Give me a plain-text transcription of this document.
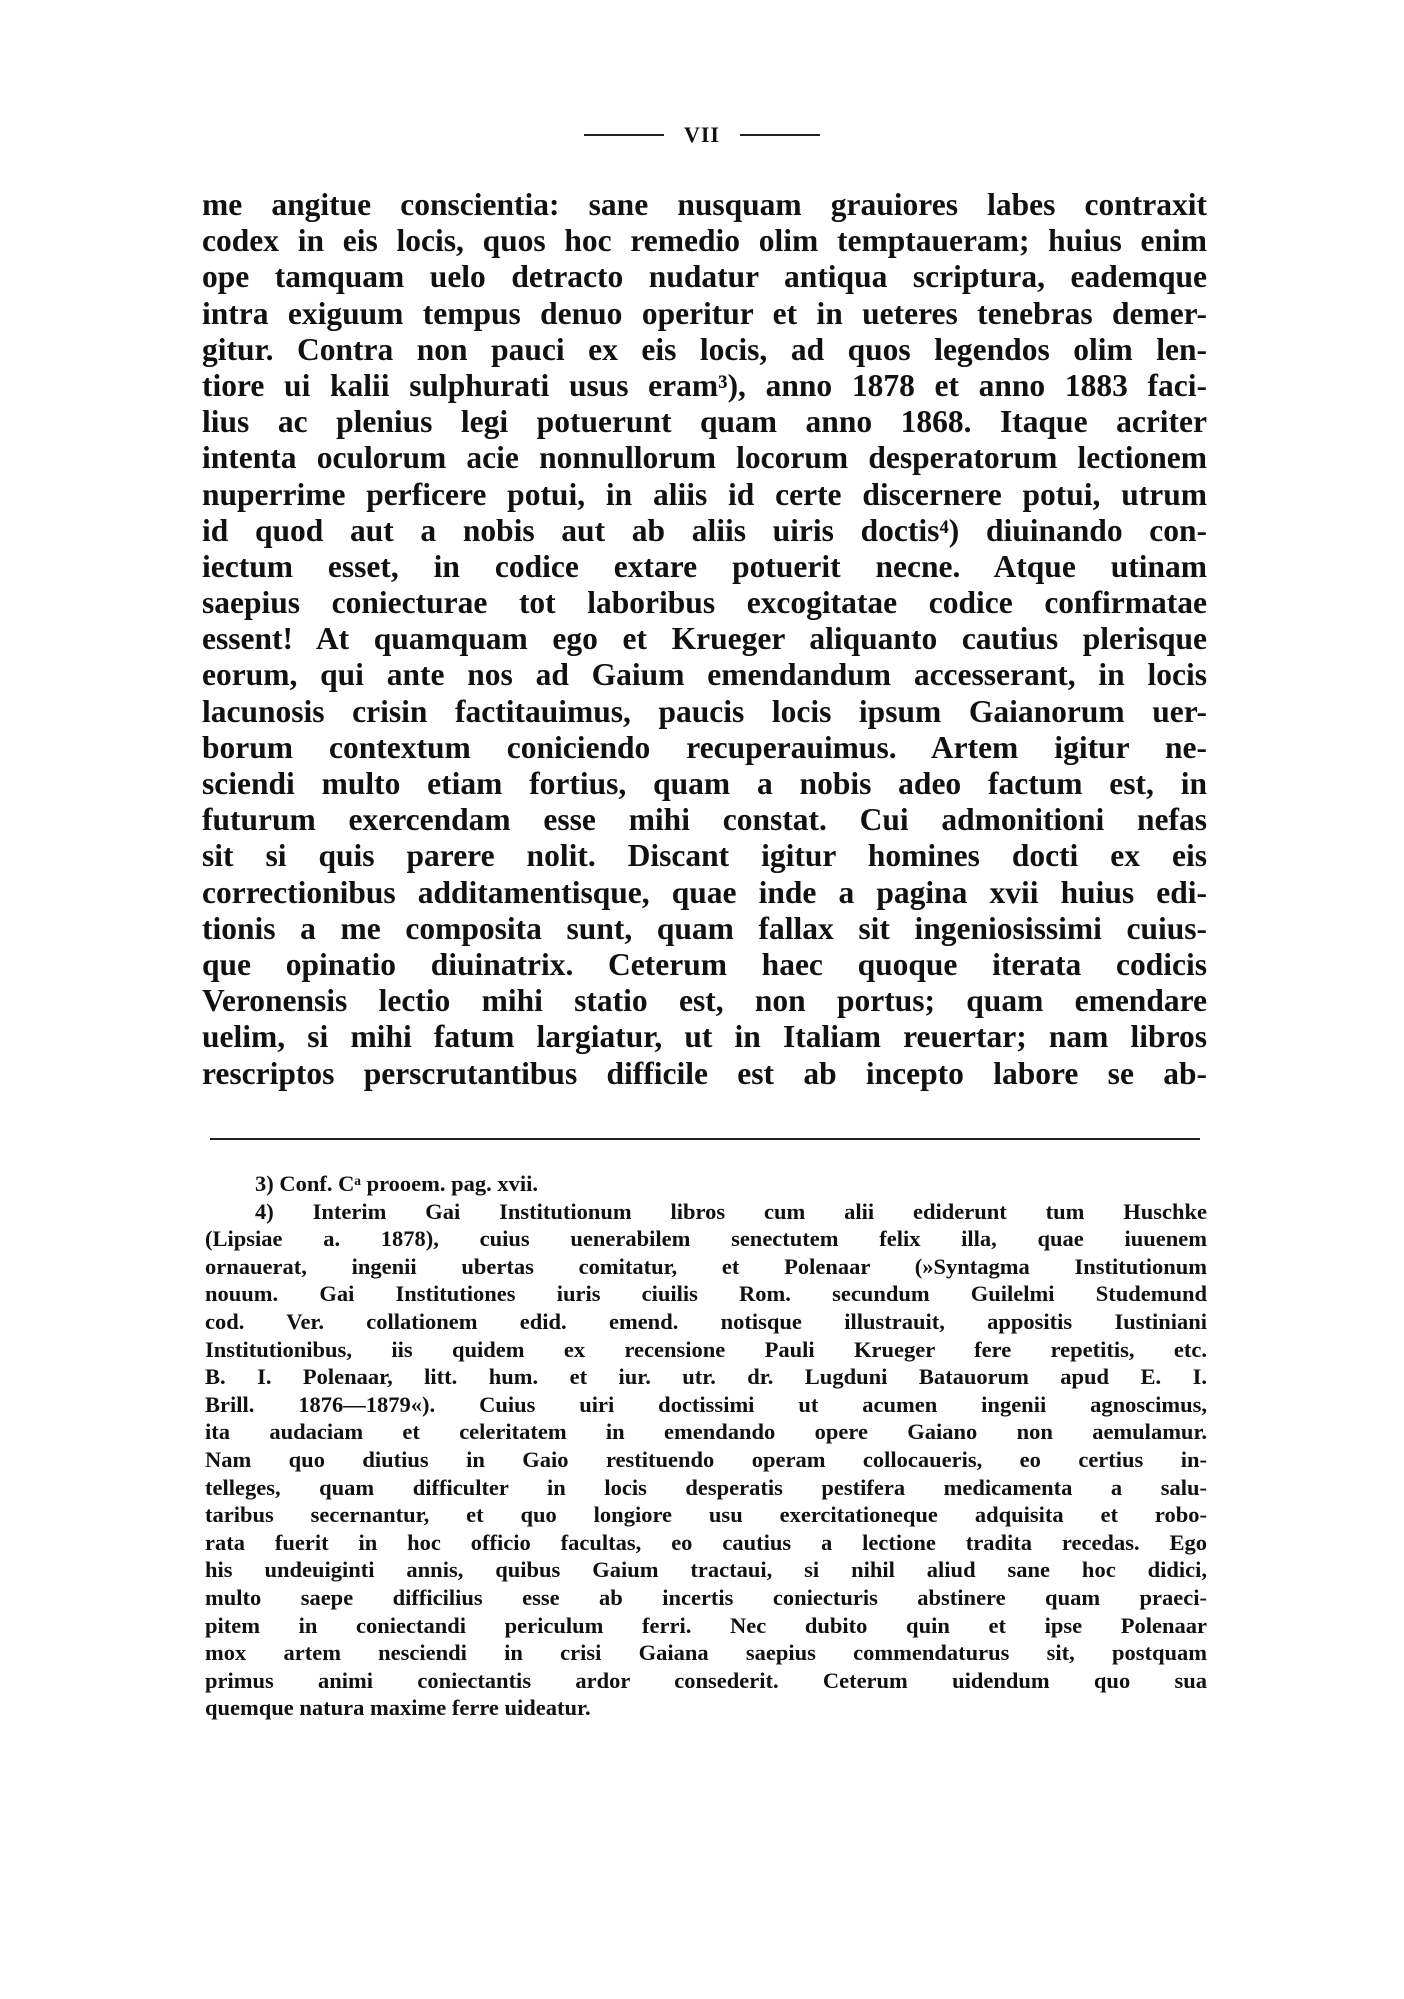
VII
me angitue conscientia: sane nusquam grauiores labes contraxit
codex in eis locis, quos hoc remedio olim temptaueram; huius enim
ope tamquam uelo detracto nudatur antiqua scriptura, eademque
intra exiguum tempus denuo operitur et in ueteres tenebras demer-
gitur. Contra non pauci ex eis locis, ad quos legendos olim len-
tiore ui kalii sulphurati usus eram³), anno 1878 et anno 1883 faci-
lius ac plenius legi potuerunt quam anno 1868. Itaque acriter
intenta oculorum acie nonnullorum locorum desperatorum lectionem
nuperrime perficere potui, in aliis id certe discernere potui, utrum
id quod aut a nobis aut ab aliis uiris doctis⁴) diuinando con-
iectum esset, in codice extare potuerit necne. Atque utinam
saepius coniecturae tot laboribus excogitatae codice confirmatae
essent! At quamquam ego et Krueger aliquanto cautius plerisque
eorum, qui ante nos ad Gaium emendandum accesserant, in locis
lacunosis crisin factitauimus, paucis locis ipsum Gaianorum uer-
borum contextum coniciendo recuperauimus. Artem igitur ne-
sciendi multo etiam fortius, quam a nobis adeo factum est, in
futurum exercendam esse mihi constat. Cui admonitioni nefas
sit si quis parere nolit. Discant igitur homines docti ex eis
correctionibus additamentisque, quae inde a pagina xvii huius edi-
tionis a me composita sunt, quam fallax sit ingeniosissimi cuius-
que opinatio diuinatrix. Ceterum haec quoque iterata codicis
Veronensis lectio mihi statio est, non portus; quam emendare
uelim, si mihi fatum largiatur, ut in Italiam reuertar; nam libros
rescriptos perscrutantibus difficile est ab incepto labore se ab-
3) Conf. Cᵃ prooem. pag. xvii.
4) Interim Gai Institutionum libros cum alii ediderunt tum Huschke
(Lipsiae a. 1878), cuius uenerabilem senectutem felix illa, quae iuuenem
ornauerat, ingenii ubertas comitatur, et Polenaar (»Syntagma Institutionum
nouum. Gai Institutiones iuris ciuilis Rom. secundum Guilelmi Studemund
cod. Ver. collationem edid. emend. notisque illustrauit, appositis Iustiniani
Institutionibus, iis quidem ex recensione Pauli Krueger fere repetitis, etc.
B. I. Polenaar, litt. hum. et iur. utr. dr. Lugduni Batauorum apud E. I.
Brill. 1876—1879«). Cuius uiri doctissimi ut acumen ingenii agnoscimus,
ita audaciam et celeritatem in emendando opere Gaiano non aemulamur.
Nam quo diutius in Gaio restituendo operam collocaueris, eo certius in-
telleges, quam difficulter in locis desperatis pestifera medicamenta a salu-
taribus secernantur, et quo longiore usu exercitationeque adquisita et robo-
rata fuerit in hoc officio facultas, eo cautius a lectione tradita recedas. Ego
his undeuiginti annis, quibus Gaium tractaui, si nihil aliud sane hoc didici,
multo saepe difficilius esse ab incertis coniecturis abstinere quam praeci-
pitem in coniectandi periculum ferri. Nec dubito quin et ipse Polenaar
mox artem nesciendi in crisi Gaiana saepius commendaturus sit, postquam
primus animi coniectantis ardor consederit. Ceterum uidendum quo sua
quemque natura maxime ferre uideatur.
